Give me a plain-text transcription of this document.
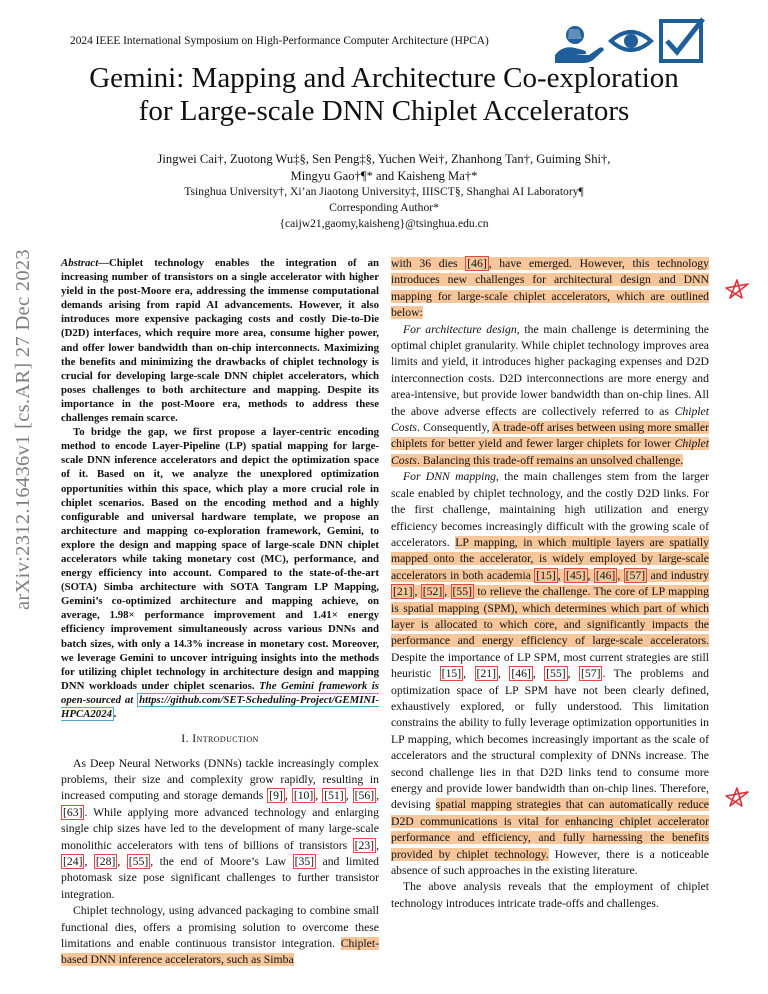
2024 IEEE International Symposium on High-Performance Computer Architecture (HPCA)
Gemini: Mapping and Architecture Co-exploration
for Large-scale DNN Chiplet Accelerators
Jingwei Cai†, Zuotong Wu‡§, Sen Peng‡§, Yuchen Wei†, Zhanhong Tan†, Guiming Shi†,
Mingyu Gao†¶* and Kaisheng Ma†*
Tsinghua University†, Xi’an Jiaotong University‡, IIISCT§, Shanghai AI Laboratory¶
Corresponding Author*
{caijw21,gaomy,kaisheng}@tsinghua.edu.cn
arXiv:2312.16436v1 [cs.AR] 27 Dec 2023	Abstract—Chiplet technology enables the integration of an increasing number of transistors on a single accelerator with higher yield in the post-Moore era, addressing the immense computational demands arising from rapid AI advancements. However, it also introduces more expensive packaging costs and costly Die-to-Die (D2D) interfaces, which require more area, consume higher power, and offer lower bandwidth than on-chip interconnects. Maximizing the benefits and minimizing the drawbacks of chiplet technology is crucial for developing large-scale DNN chiplet accelerators, which poses challenges to both architecture and mapping. Despite its importance in the post-Moore era, methods to address these challenges remain scarce.

To bridge the gap, we first propose a layer-centric encoding method to encode Layer-Pipeline (LP) spatial mapping for large-scale DNN inference accelerators and depict the optimization space of it. Based on it, we analyze the unexplored optimization opportunities within this space, which play a more crucial role in chiplet scenarios. Based on the encoding method and a highly configurable and universal hardware template, we propose an architecture and mapping co-exploration framework, Gemini, to explore the design and mapping space of large-scale DNN chiplet accelerators while taking monetary cost (MC), performance, and energy efficiency into account. Compared to the state-of-the-art (SOTA) Simba architecture with SOTA Tangram LP Mapping, Gemini’s co-optimized architecture and mapping achieve, on average, 1.98× performance improvement and 1.41× energy efficiency improvement simultaneously across various DNNs and batch sizes, with only a 14.3% increase in monetary cost. Moreover, we leverage Gemini to uncover intriguing insights into the methods for utilizing chiplet technology in architecture design and mapping DNN workloads under chiplet scenarios. The Gemini framework is open-sourced at https://github.com/SET-Scheduling-Project/GEMINI-HPCA2024 .

I. Introduction

As Deep Neural Networks (DNNs) tackle increasingly complex problems, their size and complexity grow rapidly, resulting in increased computing and storage demands [9] , [10] , [51] , [56] , [63] . While applying more advanced technology and enlarging single chip sizes have led to the development of many large-scale monolithic accelerators with tens of billions of transistors [23] , [24] , [28] , [55] , the end of Moore’s Law [35] and limited photomask size pose significant challenges to further transistor integration.

Chiplet technology, using advanced packaging to combine small functional dies, offers a promising solution to overcome these limitations and enable continuous transistor integration. Chiplet-based DNN inference accelerators, such as Simba

with 36 dies [46] , have emerged. However, this technology introduces new challenges for architectural design and DNN mapping for large-scale chiplet accelerators, which are outlined below:

For architecture design, the main challenge is determining the optimal chiplet granularity. While chiplet technology improves area limits and yield, it introduces higher packaging expenses and D2D interconnection costs. D2D interconnections are more energy and area-intensive, but provide lower bandwidth than on-chip lines. All the above adverse effects are collectively referred to as Chiplet Costs. Consequently, A trade-off arises between using more smaller chiplets for better yield and fewer larger chiplets for lower Chiplet Costs. Balancing this trade-off remains an unsolved challenge.

For DNN mapping, the main challenges stem from the larger scale enabled by chiplet technology, and the costly D2D links. For the first challenge, maintaining high utilization and energy efficiency becomes increasingly difficult with the growing scale of accelerators. LP mapping, in which multiple layers are spatially mapped onto the accelerator, is widely employed by large-scale accelerators in both academia [15] , [45] , [46] , [57] and industry [21] , [52] , [55] to relieve the challenge. The core of LP mapping is spatial mapping (SPM), which determines which part of which layer is allocated to which core, and significantly impacts the performance and energy efficiency of large-scale accelerators. Despite the importance of LP SPM, most current strategies are still heuristic [15] , [21] , [46] , [55] , [57] . The problems and optimization space of LP SPM have not been clearly defined, exhaustively explored, or fully understood. This limitation constrains the ability to fully leverage optimization opportunities in LP mapping, which becomes increasingly important as the scale of accelerators and the structural complexity of DNNs increase. The second challenge lies in that D2D links tend to consume more energy and provide lower bandwidth than on-chip lines. Therefore, devising spatial mapping strategies that can automatically reduce D2D communications is vital for enhancing chiplet accelerator performance and efficiency, and fully harnessing the benefits provided by chiplet technology. However, there is a noticeable absence of such approaches in the existing literature.

The above analysis reveals that the employment of chiplet technology introduces intricate trade-offs and challenges.
